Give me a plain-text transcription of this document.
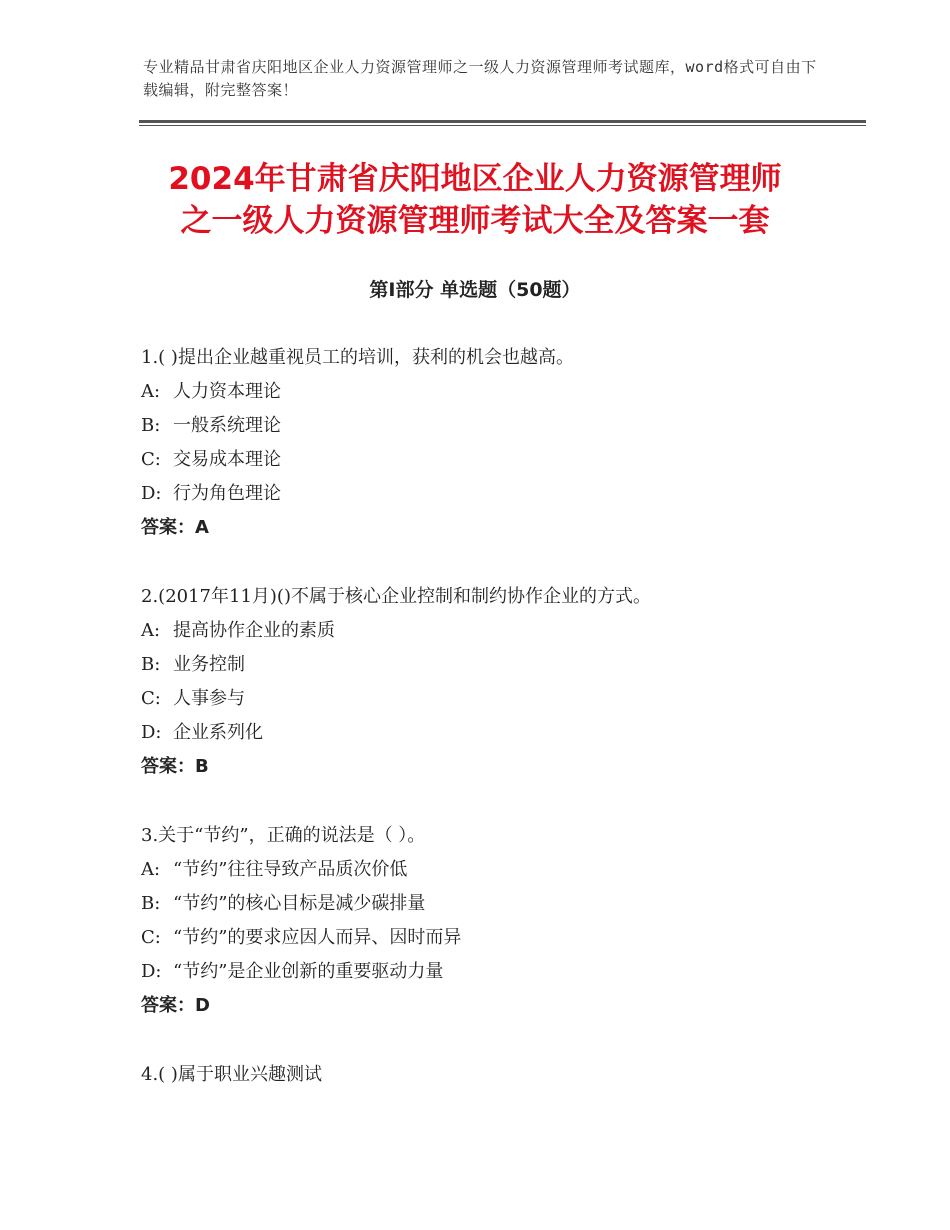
专业精品甘肃省庆阳地区企业人力资源管理师之一级人力资源管理师考试题库，word格式可自由下载编辑，附完整答案！
2024年甘肃省庆阳地区企业人力资源管理师
之一级人力资源管理师考试大全及答案一套
第Ⅰ部分 单选题（50题）
1.( )提出企业越重视员工的培训，获利的机会也越高。
A: 人力资本理论
B: 一般系统理论
C: 交易成本理论
D: 行为角色理论
答案：A
2.(2017年11月)()不属于核心企业控制和制约协作企业的方式。
A: 提高协作企业的素质
B: 业务控制
C: 人事参与
D: 企业系列化
答案：B
3.关于“节约”，正确的说法是（ ）。
A: “节约”往往导致产品质次价低
B: “节约”的核心目标是减少碳排量
C: “节约”的要求应因人而异、因时而异
D: “节约”是企业创新的重要驱动力量
答案：D
4.( )属于职业兴趣测试
